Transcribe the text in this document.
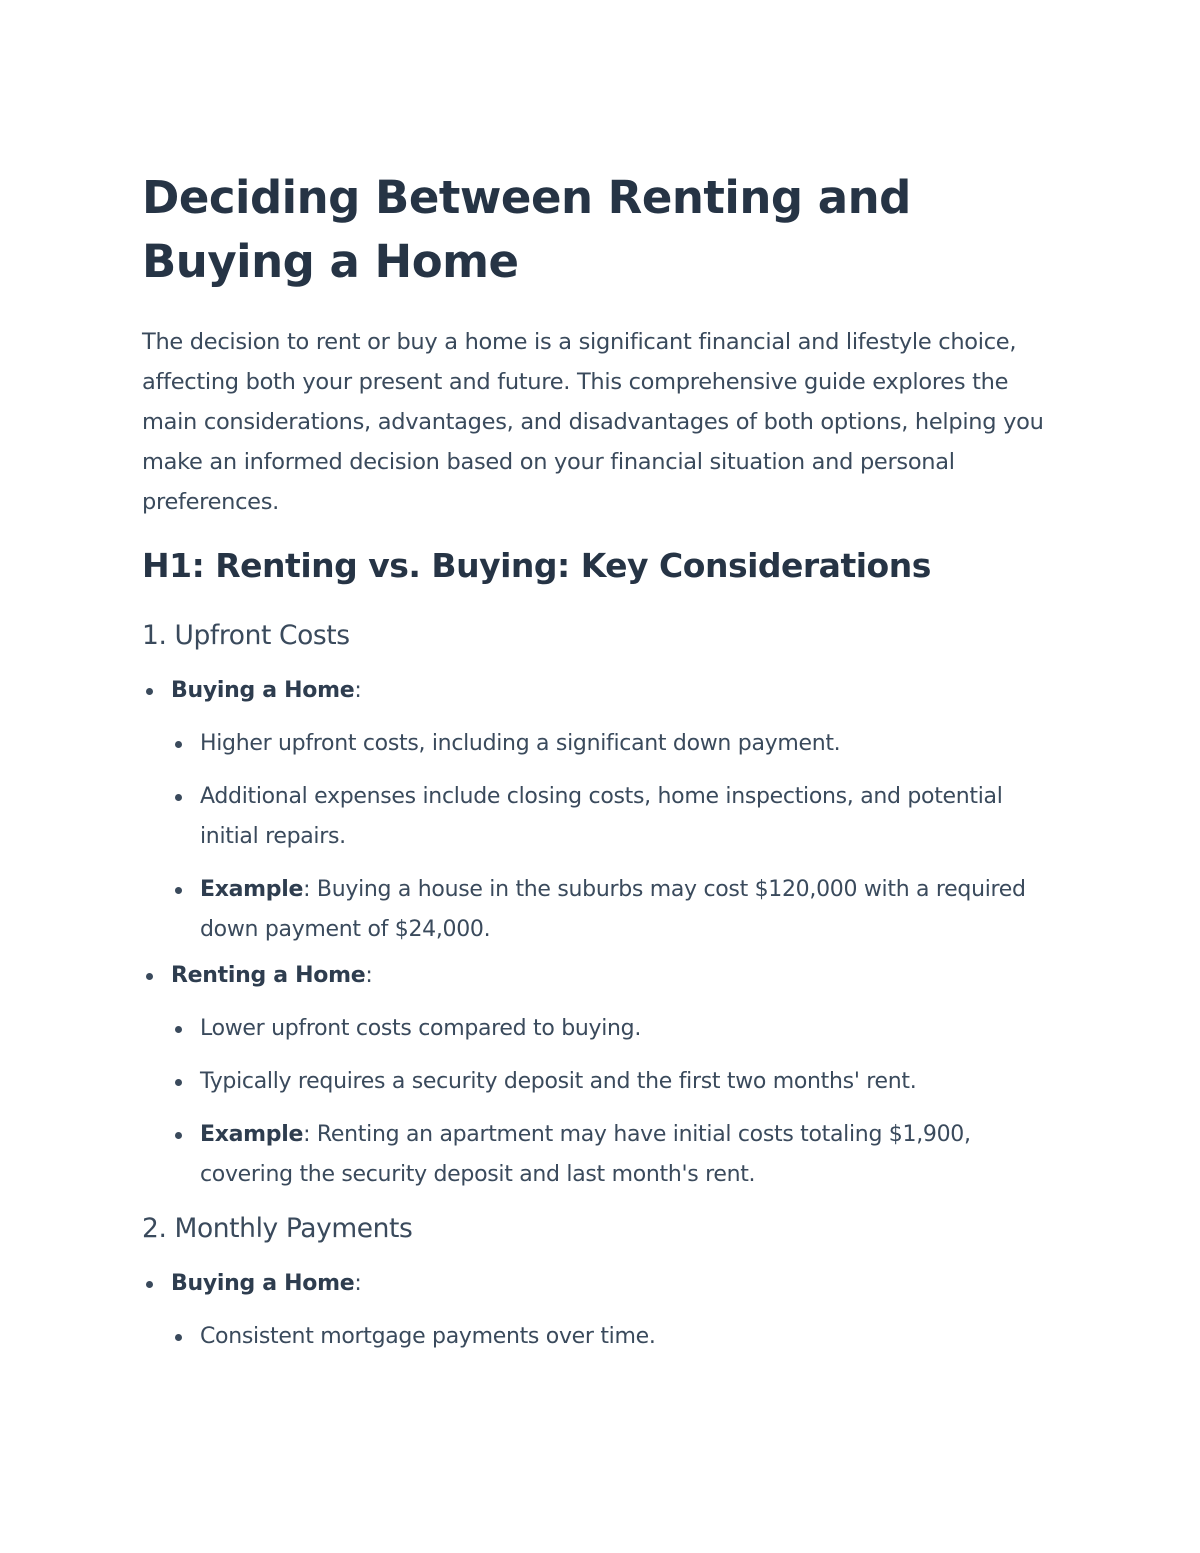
Deciding Between Renting and Buying a Home

The decision to rent or buy a home is a significant financial and lifestyle choice, affecting both your present and future. This comprehensive guide explores the main considerations, advantages, and disadvantages of both options, helping you make an informed decision based on your financial situation and personal preferences.

H1: Renting vs. Buying: Key Considerations
1. Upfront Costs
Buying a Home:
Higher upfront costs, including a significant down payment.
Additional expenses include closing costs, home inspections, and potential initial repairs.
Example: Buying a house in the suburbs may cost $120,000 with a required down payment of $24,000.
Renting a Home:
Lower upfront costs compared to buying.
Typically requires a security deposit and the first two months' rent.
Example: Renting an apartment may have initial costs totaling $1,900, covering the security deposit and last month's rent.
2. Monthly Payments
Buying a Home:
Consistent mortgage payments over time.
